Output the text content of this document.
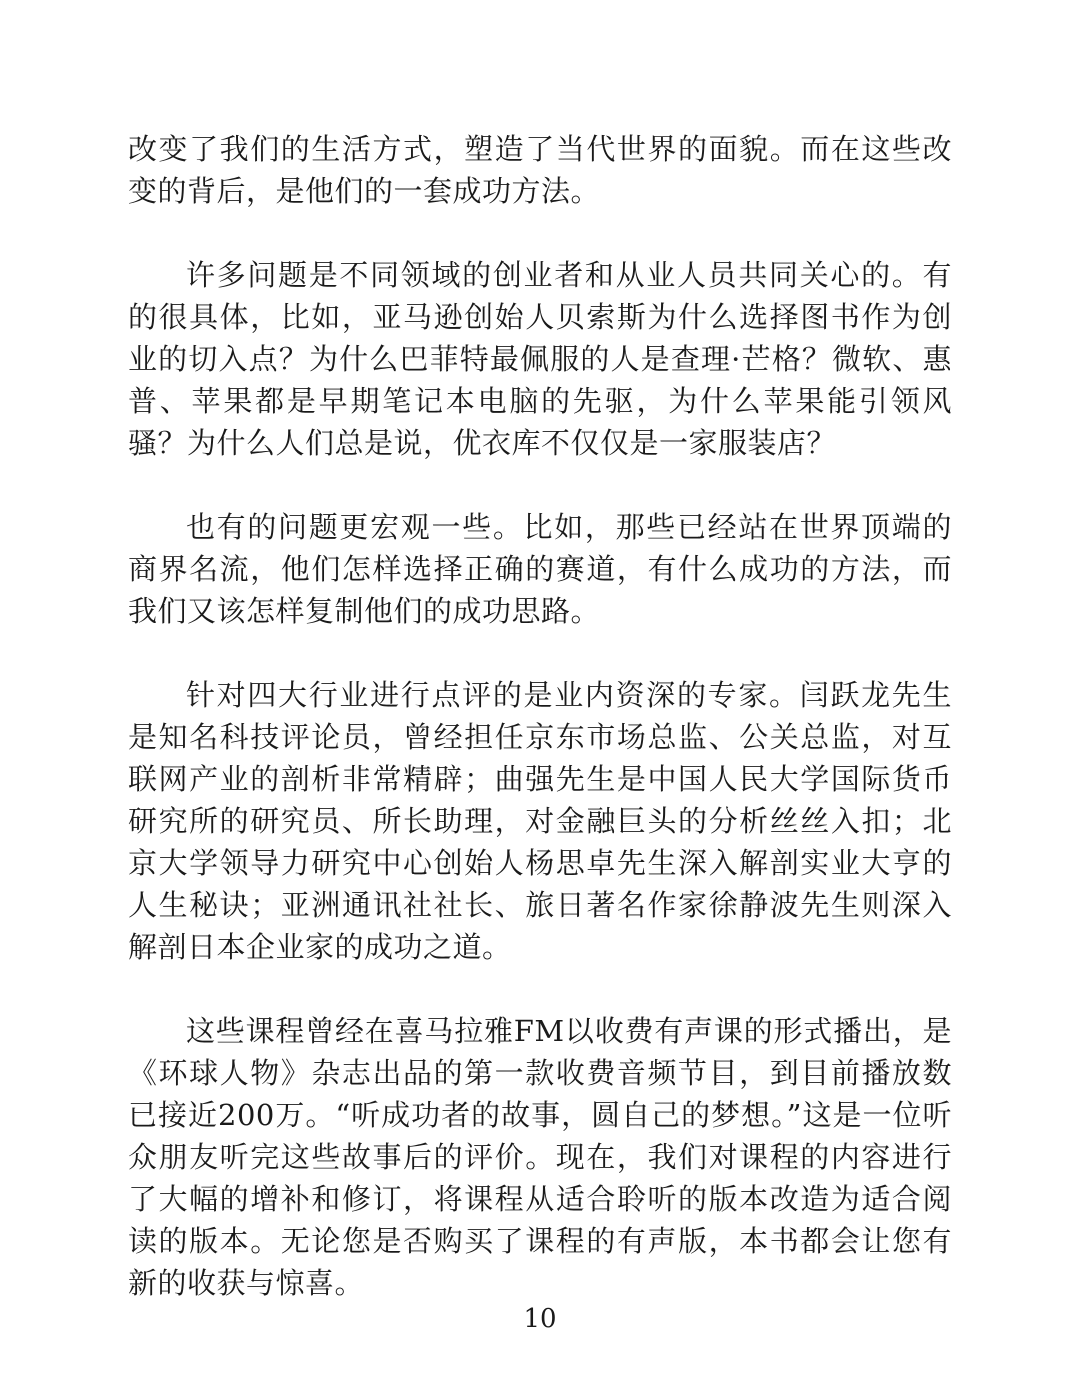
改变了我们的生活方式，塑造了当代世界的面貌。而在这些改变的背后，是他们的一套成功方法。

许多问题是不同领域的创业者和从业人员共同关心的。有的很具体，比如，亚马逊创始人贝索斯为什么选择图书作为创业的切入点？为什么巴菲特最佩服的人是查理·芒格？微软、惠普、苹果都是早期笔记本电脑的先驱，为什么苹果能引领风骚？为什么人们总是说，优衣库不仅仅是一家服装店？

也有的问题更宏观一些。比如，那些已经站在世界顶端的商界名流，他们怎样选择正确的赛道，有什么成功的方法，而我们又该怎样复制他们的成功思路。

针对四大行业进行点评的是业内资深的专家。闫跃龙先生是知名科技评论员，曾经担任京东市场总监、公关总监，对互联网产业的剖析非常精辟；曲强先生是中国人民大学国际货币研究所的研究员、所长助理，对金融巨头的分析丝丝入扣；北京大学领导力研究中心创始人杨思卓先生深入解剖实业大亨的人生秘诀；亚洲通讯社社长、旅日著名作家徐静波先生则深入解剖日本企业家的成功之道。

这些课程曾经在喜马拉雅FM以收费有声课的形式播出，是《环球人物》杂志出品的第一款收费音频节目，到目前播放数已接近200万。“听成功者的故事，圆自己的梦想。”这是一位听众朋友听完这些故事后的评价。现在，我们对课程的内容进行了大幅的增补和修订，将课程从适合聆听的版本改造为适合阅读的版本。无论您是否购买了课程的有声版，本书都会让您有新的收获与惊喜。

10
